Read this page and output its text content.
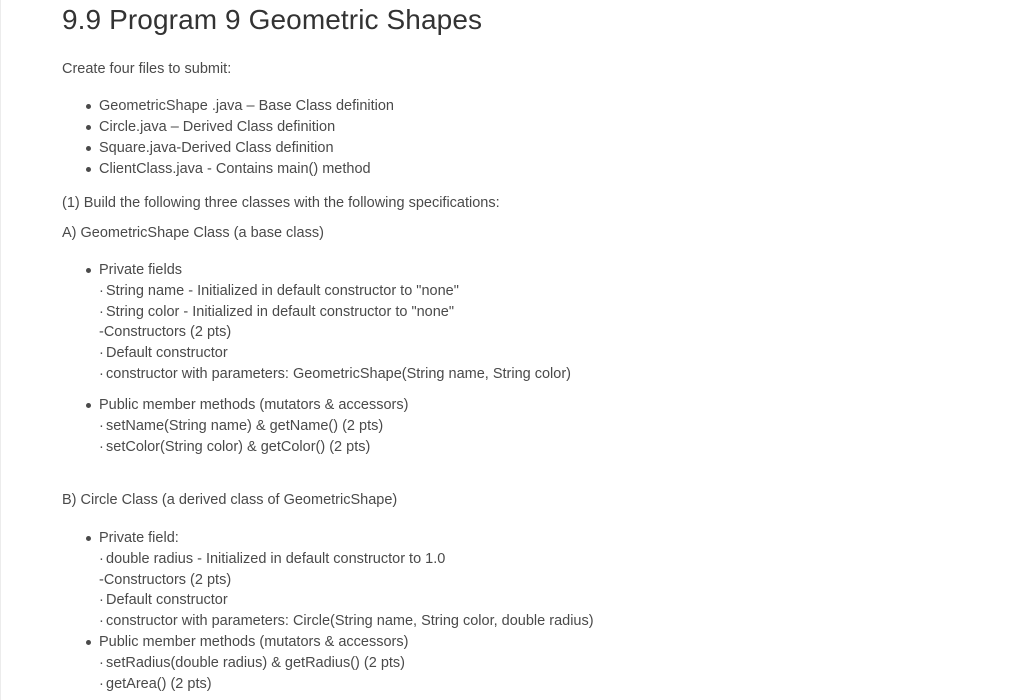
9.9 Program 9 Geometric Shapes
Create four files to submit:
GeometricShape .java – Base Class definition
Circle.java – Derived Class definition
Square.java-Derived Class definition
ClientClass.java - Contains main() method
(1) Build the following three classes with the following specifications:
A) GeometricShape Class (a base class)
Private fields
· String name - Initialized in default constructor to "none"
· String color - Initialized in default constructor to "none"
-Constructors (2 pts)
· Default constructor
· constructor with parameters: GeometricShape(String name, String color)
Public member methods (mutators & accessors)
· setName(String name) & getName() (2 pts)
· setColor(String color) & getColor() (2 pts)
B) Circle Class (a derived class of GeometricShape)
Private field:
· double radius - Initialized in default constructor to 1.0
-Constructors (2 pts)
· Default constructor
· constructor with parameters: Circle(String name, String color, double radius)
Public member methods (mutators & accessors)
· setRadius(double radius) & getRadius() (2 pts)
· getArea() (2 pts)
